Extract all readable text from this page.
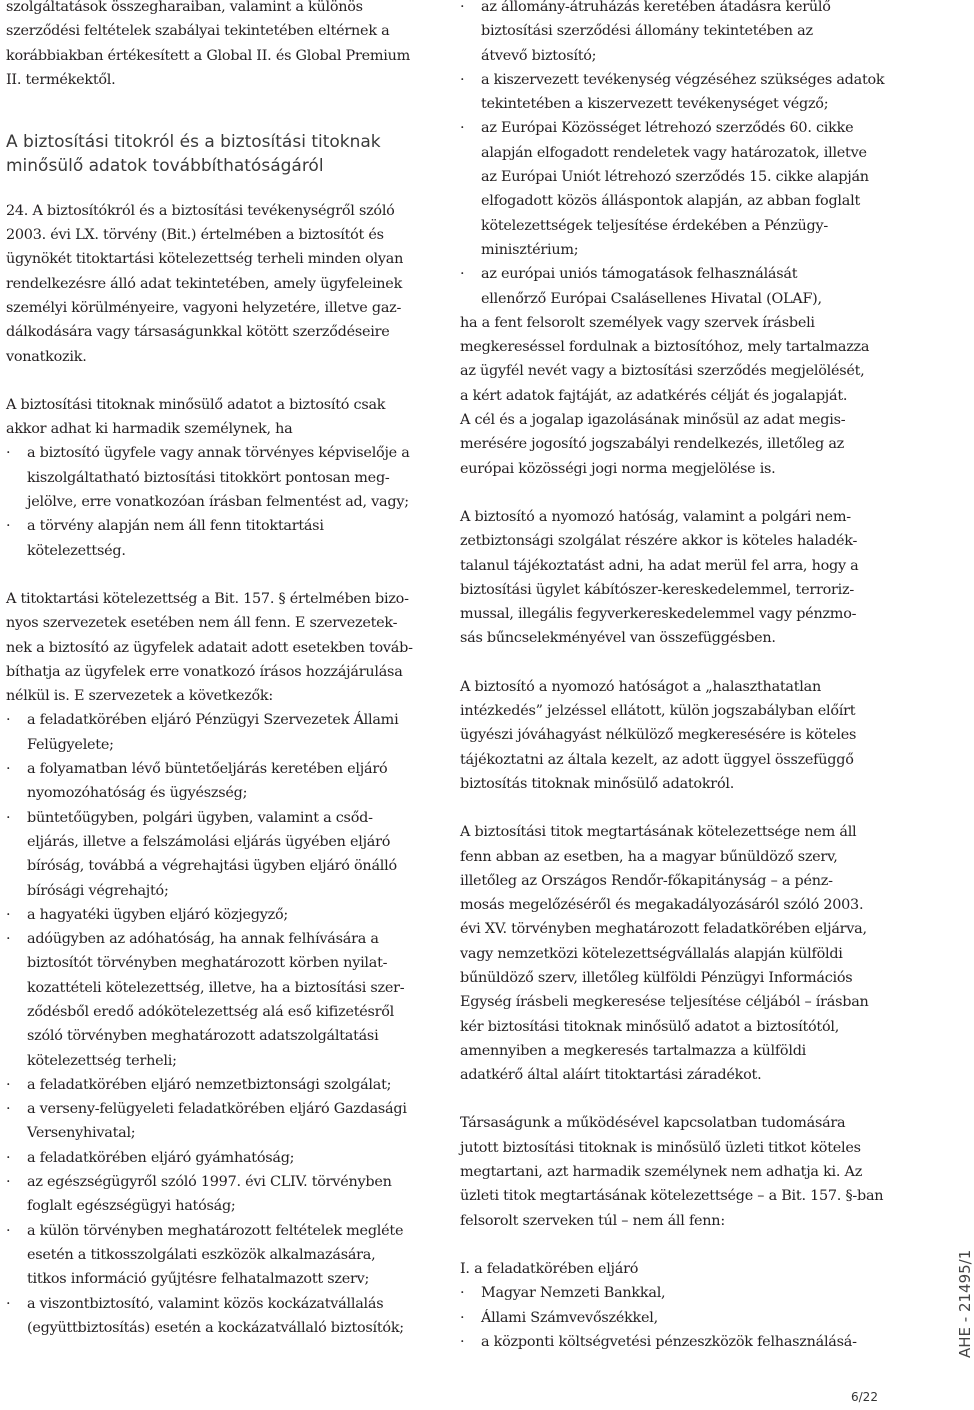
szolgáltatások összegharaiban, valamint a különös
szerződési feltételek szabályai tekintetében eltérnek a
korábbiakban értékesített a Global II. és Global Premium
II. termékektől.
A biztosítási titokról és a biztosítási titoknak
minősülő adatok továbbíthatóságáról
24. A biztosítókról és a biztosítási tevékenységről szóló
2003. évi LX. törvény (Bit.) értelmében a biztosítót és
ügynökét titoktartási kötelezettség terheli minden olyan
rendelkezésre álló adat tekintetében, amely ügyfeleinek
személyi körülményeire, vagyoni helyzetére, illetve gaz-
dálkodására vagy társaságunkkal kötött szerződéseire
vonatkozik.
A biztosítási titoknak minősülő adatot a biztosító csak
akkor adhat ki harmadik személynek, ha
·
a biztosító ügyfele vagy annak törvényes képviselője a
kiszolgáltatható biztosítási titokkört pontosan meg-
jelölve, erre vonatkozóan írásban felmentést ad, vagy;
·
a törvény alapján nem áll fenn titoktartási
kötelezettség.
A titoktartási kötelezettség a Bit. 157. § értelmében bizo-
nyos szervezetek esetében nem áll fenn. E szervezetek-
nek a biztosító az ügyfelek adatait adott esetekben továb-
bíthatja az ügyfelek erre vonatkozó írásos hozzájárulása
nélkül is. E szervezetek a következők:
·
a feladatkörében eljáró Pénzügyi Szervezetek Állami
Felügyelete;
·
a folyamatban lévő büntetőeljárás keretében eljáró
nyomozóhatóság és ügyészség;
·
büntetőügyben, polgári ügyben, valamint a csőd-
eljárás, illetve a felszámolási eljárás ügyében eljáró
bíróság, továbbá a végrehajtási ügyben eljáró önálló
bírósági végrehajtó;
·
a hagyatéki ügyben eljáró közjegyző;
·
adóügyben az adóhatóság, ha annak felhívására a
biztosítót törvényben meghatározott körben nyilat-
kozattételi kötelezettség, illetve, ha a biztosítási szer-
ződésből eredő adókötelezettség alá eső kifizetésről
szóló törvényben meghatározott adatszolgáltatási
kötelezettség terheli;
·
a feladatkörében eljáró nemzetbiztonsági szolgálat;
·
a verseny-felügyeleti feladatkörében eljáró Gazdasági
Versenyhivatal;
·
a feladatkörében eljáró gyámhatóság;
·
az egészségügyről szóló 1997. évi CLIV. törvényben
foglalt egészségügyi hatóság;
·
a külön törvényben meghatározott feltételek megléte
esetén a titkosszolgálati eszközök alkalmazására,
titkos információ gyűjtésre felhatalmazott szerv;
·
a viszontbiztosító, valamint közös kockázatvállalás
(együttbiztosítás) esetén a kockázatvállaló biztosítók;
·
az állomány-átruházás keretében átadásra kerülő
biztosítási szerződési állomány tekintetében az
átvevő biztosító;
·
a kiszervezett tevékenység végzéséhez szükséges adatok
tekintetében a kiszervezett tevékenységet végző;
·
az Európai Közösséget létrehozó szerződés 60. cikke
alapján elfogadott rendeletek vagy határozatok, illetve
az Európai Uniót létrehozó szerződés 15. cikke alapján
elfogadott közös álláspontok alapján, az abban foglalt
kötelezettségek teljesítése érdekében a Pénzügy-
minisztérium;
·
az európai uniós támogatások felhasználását
ellenőrző Európai Csalásellenes Hivatal (OLAF),
ha a fent felsorolt személyek vagy szervek írásbeli
megkereséssel fordulnak a biztosítóhoz, mely tartalmazza
az ügyfél nevét vagy a biztosítási szerződés megjelölését,
a kért adatok fajtáját, az adatkérés célját és jogalapját.
A cél és a jogalap igazolásának minősül az adat megis-
merésére jogosító jogszabályi rendelkezés, illetőleg az
európai közösségi jogi norma megjelölése is.
A biztosító a nyomozó hatóság, valamint a polgári nem-
zetbiztonsági szolgálat részére akkor is köteles haladék-
talanul tájékoztatást adni, ha adat merül fel arra, hogy a
biztosítási ügylet kábítószer-kereskedelemmel, terroriz-
mussal, illegális fegyverkereskedelemmel vagy pénzmo-
sás bűncselekményével van összefüggésben.
A biztosító a nyomozó hatóságot a „halaszthatatlan
intézkedés” jelzéssel ellátott, külön jogszabályban előírt
ügyészi jóváhagyást nélkülöző megkeresésére is köteles
tájékoztatni az általa kezelt, az adott üggyel összefüggő
biztosítás titoknak minősülő adatokról.
A biztosítási titok megtartásának kötelezettsége nem áll
fenn abban az esetben, ha a magyar bűnüldöző szerv,
illetőleg az Országos Rendőr-főkapitányság – a pénz-
mosás megelőzéséről és megakadályozásáról szóló 2003.
évi XV. törvényben meghatározott feladatkörében eljárva,
vagy nemzetközi kötelezettségvállalás alapján külföldi
bűnüldöző szerv, illetőleg külföldi Pénzügyi Információs
Egység írásbeli megkeresése teljesítése céljából – írásban
kér biztosítási titoknak minősülő adatot a biztosítótól,
amennyiben a megkeresés tartalmazza a külföldi
adatkérő által aláírt titoktartási záradékot.
Társaságunk a működésével kapcsolatban tudomására
jutott biztosítási titoknak is minősülő üzleti titkot köteles
megtartani, azt harmadik személynek nem adhatja ki. Az
üzleti titok megtartásának kötelezettsége – a Bit. 157. §-ban
felsorolt szerveken túl – nem áll fenn:

I. a feladatkörében eljáró

·
Magyar Nemzeti Bankkal,
·
Állami Számvevőszékkel,
·
a központi költségvetési pénzeszközök felhasználásá-	AHE - 21495/1
6/22
